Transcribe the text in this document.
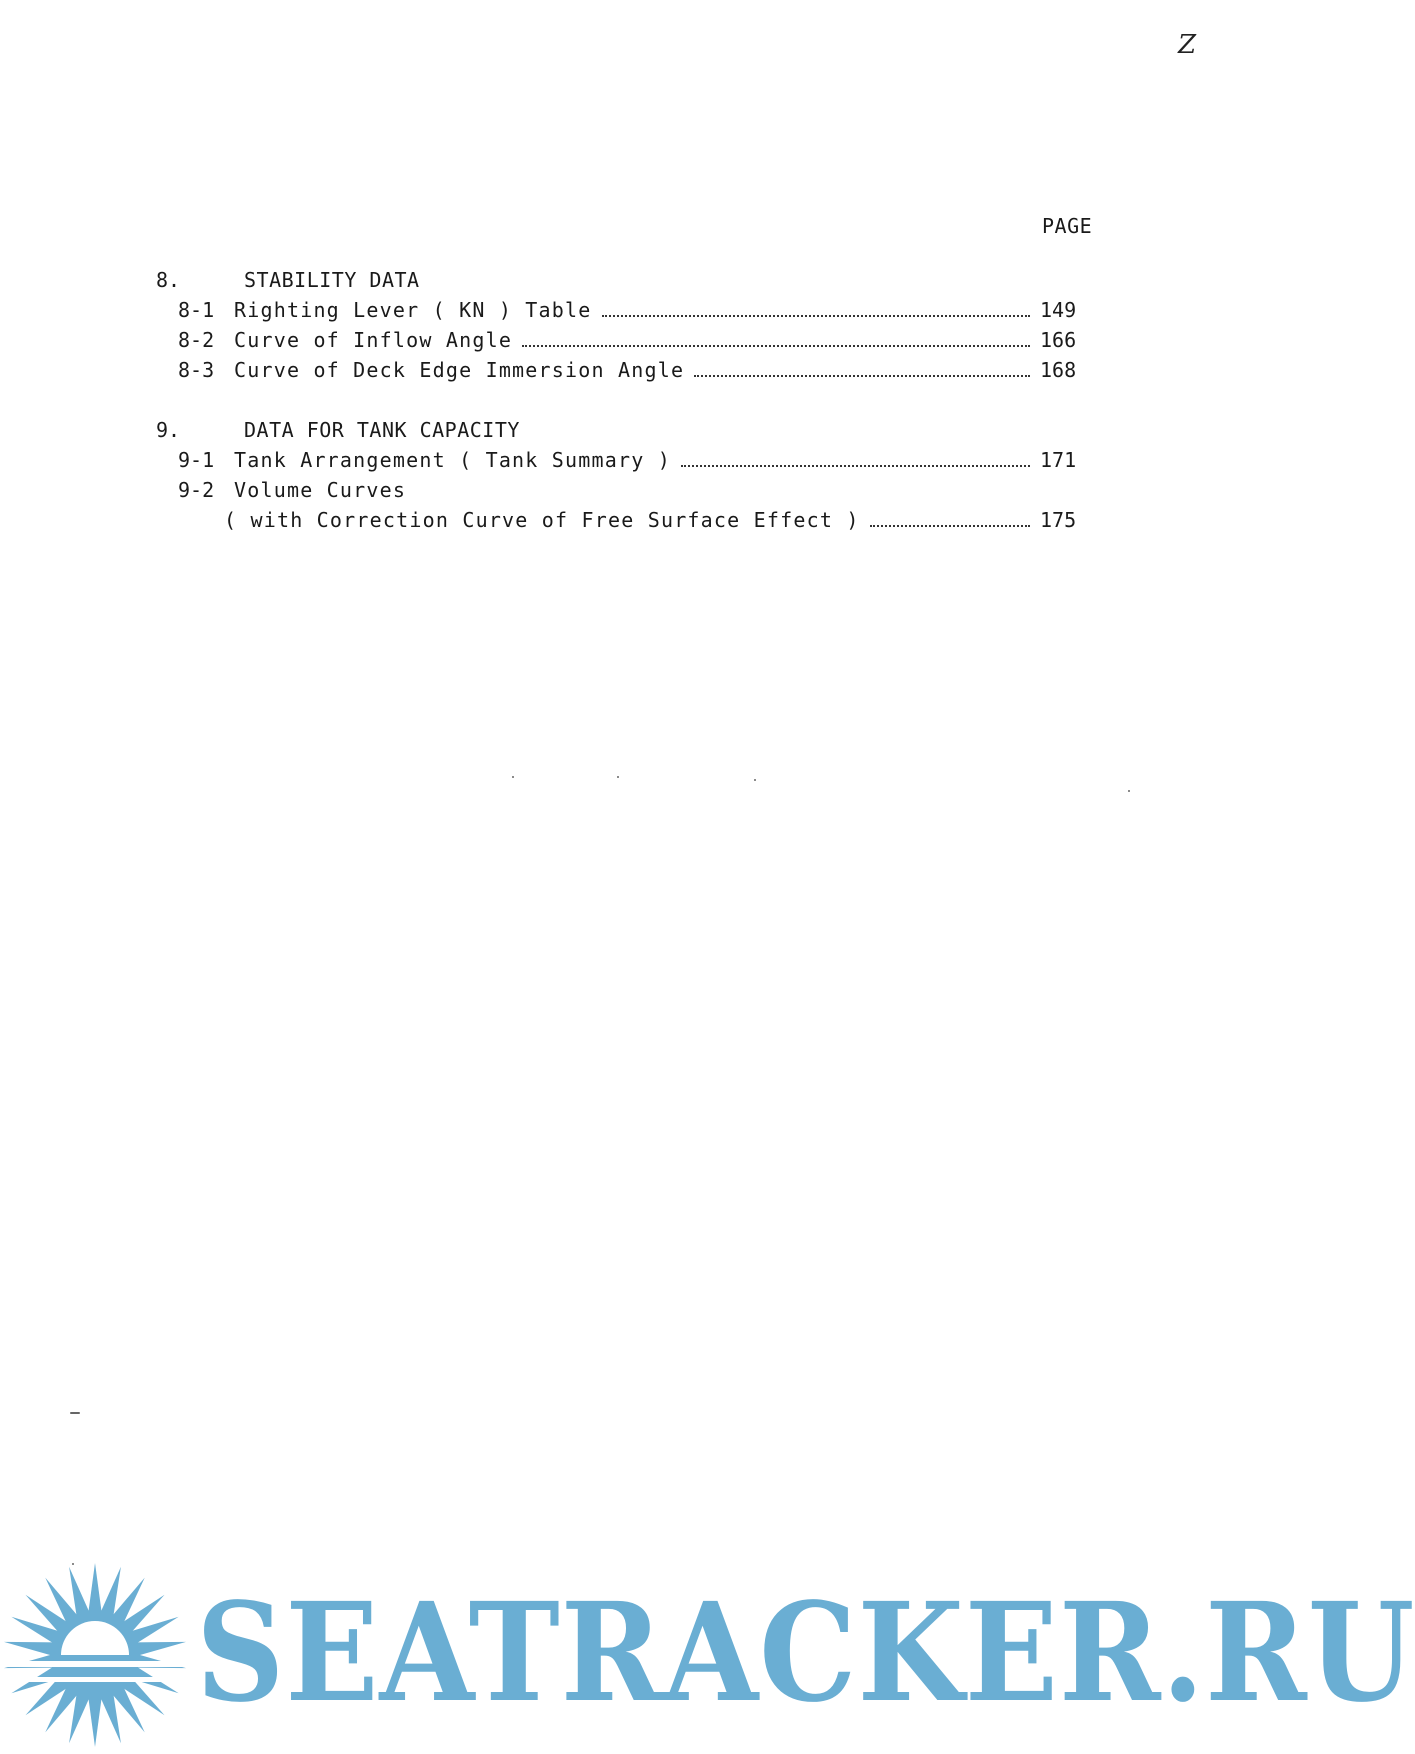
Z
PAGE
8.	STABILITY DATA
8-1 Righting Lever ( KN ) Table	149
8-2 Curve of Inflow Angle	166
8-3 Curve of Deck Edge Immersion Angle	168
9.	DATA FOR TANK CAPACITY
9-1 Tank Arrangement ( Tank Summary )	171
9-2 Volume Curves
( with Correction Curve of Free Surface Effect )	175
SEATRACKER.RU
